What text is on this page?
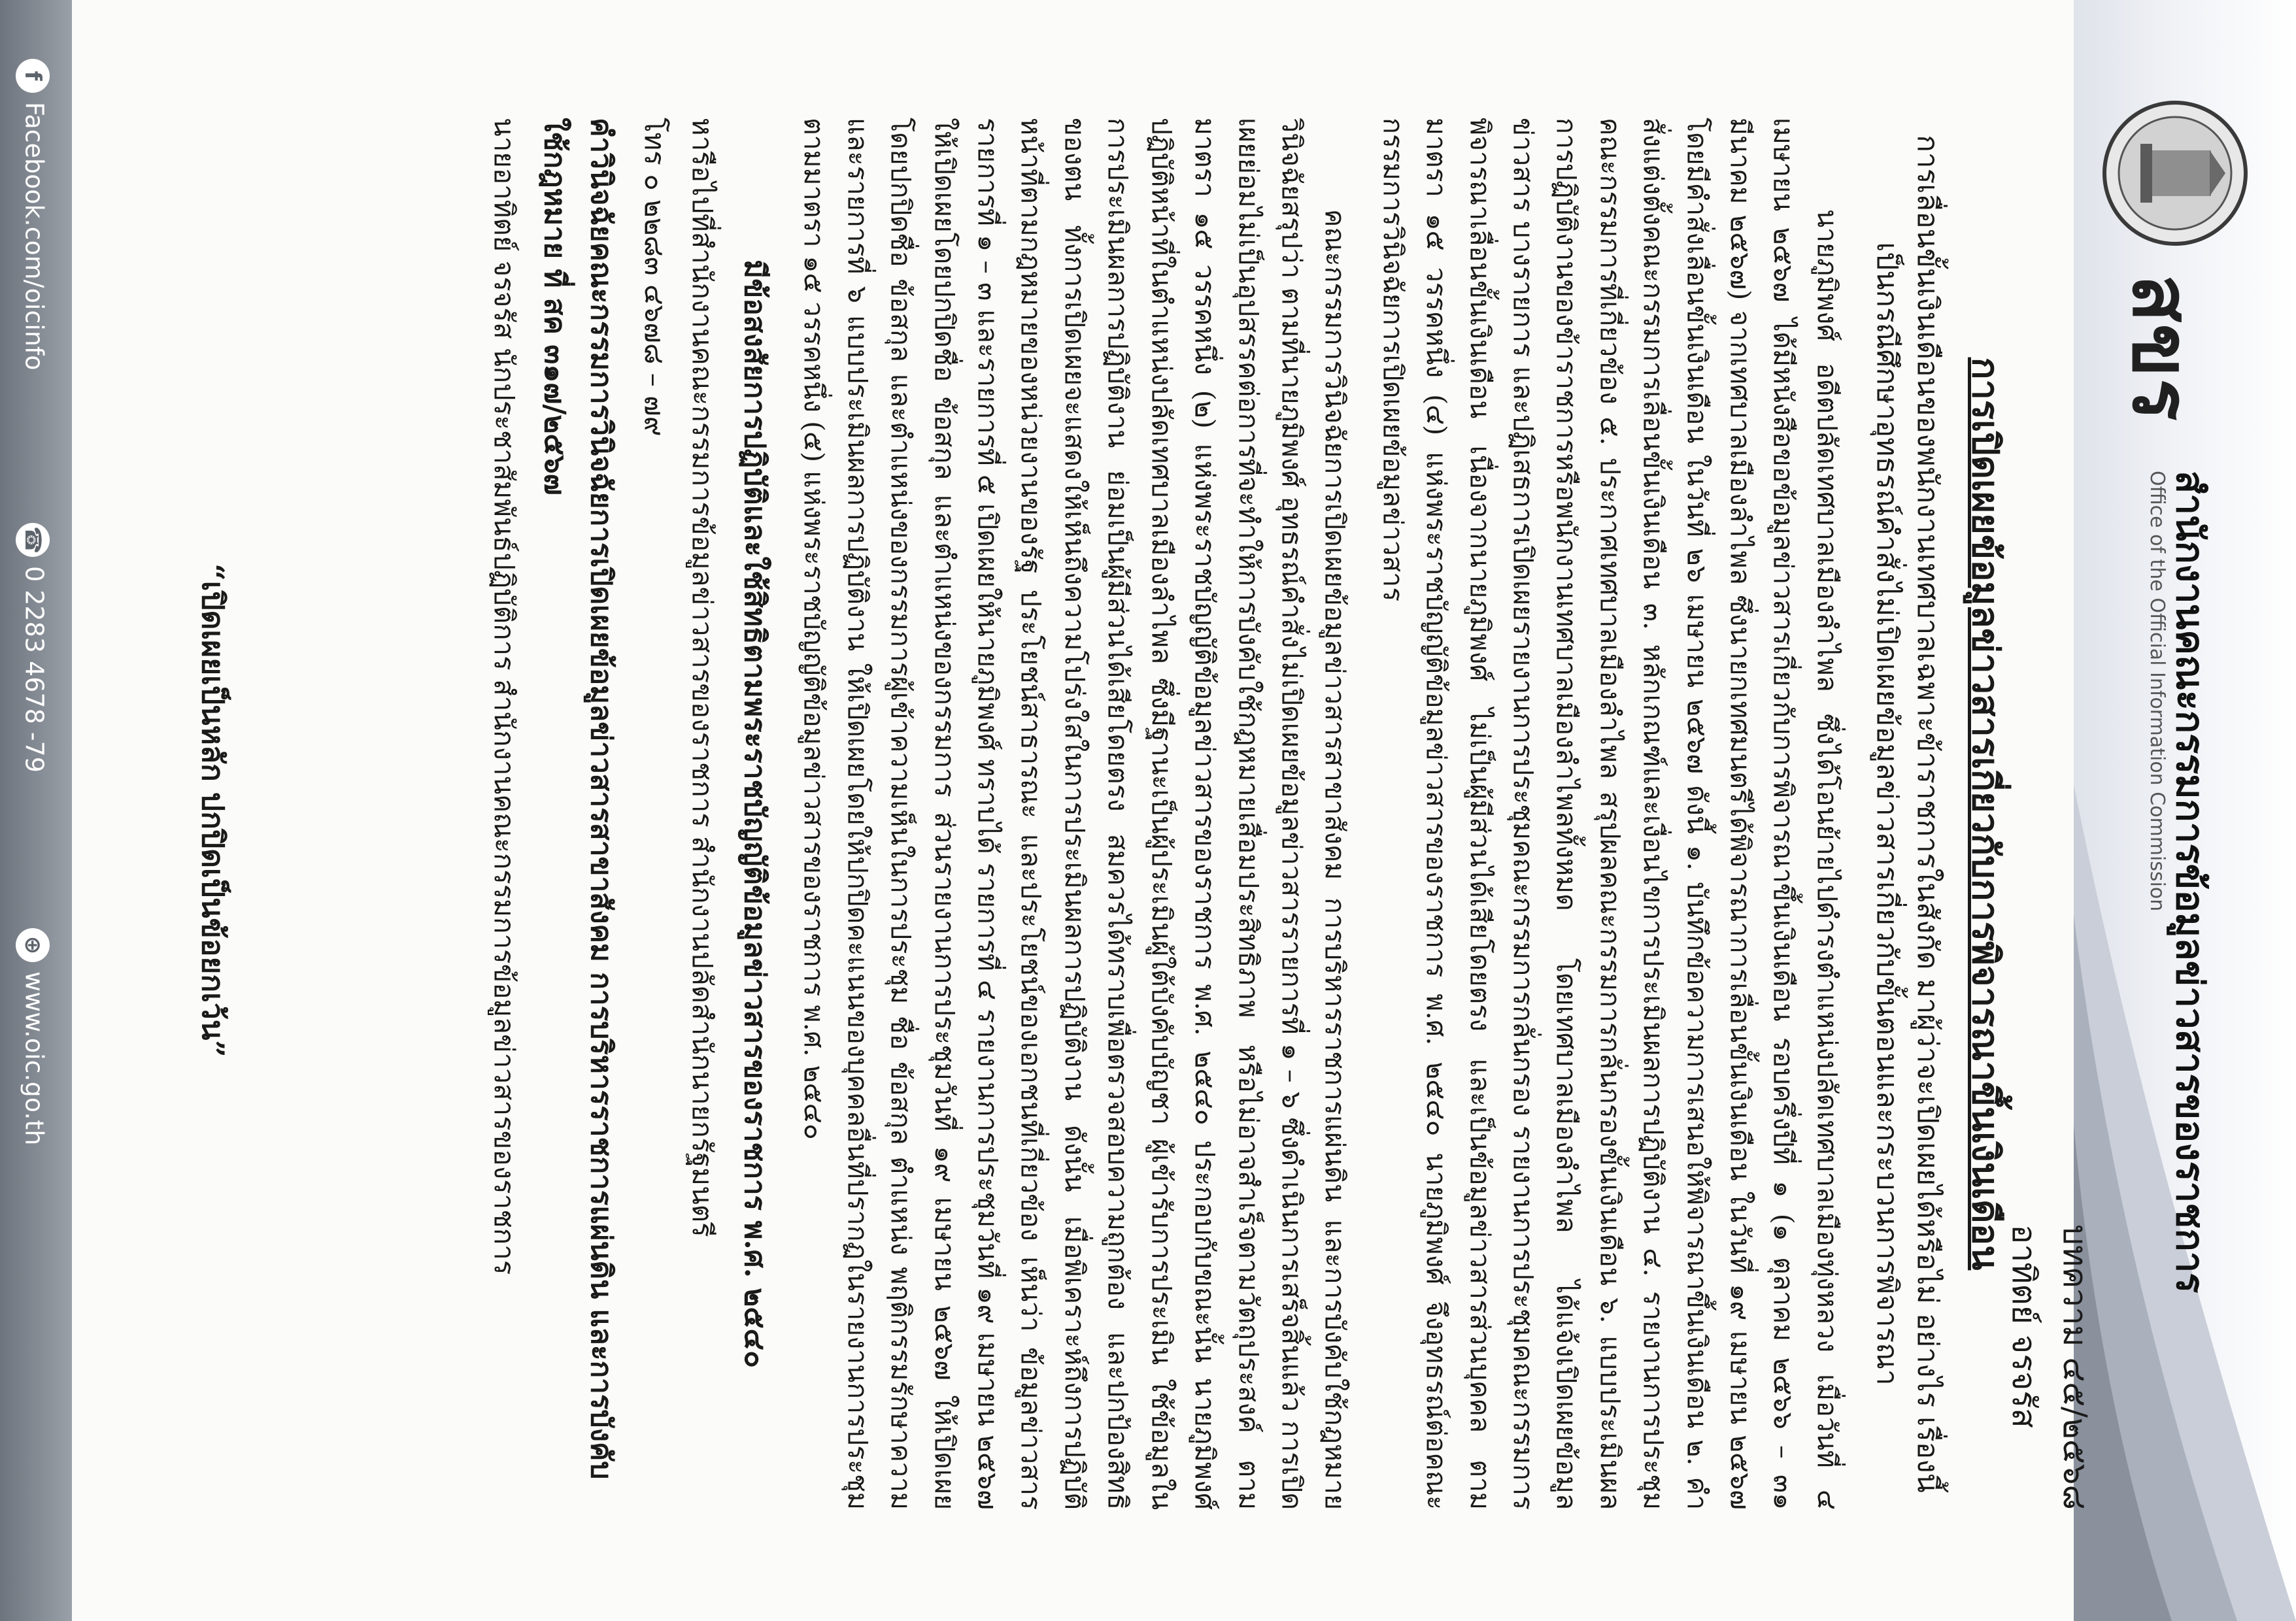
สขร
สำนักงานคณะกรรมการข้อมูลข่าวสารของราชการ
Office of the Official Information Commission
บทความ ๔๕/๒๕๖๘
อาทิตย์ จรจรัส
การเปิดเผยข้อมูลข่าวสารเกี่ยวกับการพิจารณาขึ้นเงินเดือน
การเลื่อนขั้นเงินเดือนของพนักงานเทศบาลเฉพาะข้าราชการในสังกัด มาผู้ว่าจะเปิดเผยได้หรือไม่ อย่างไร เรื่องนี้เป็นกรณีศึกษาอุทธรณ์คำสั่งไม่เปิดเผยข้อมูลข่าวสารเกี่ยวกับขั้นตอนและกระบวนการพิจารณา

นายภูมิพงศ์ อดีตปลัดเทศบาลเมืองลำไพล ซึ่งได้โอนย้ายไปดำรงตำแหน่งปลัดเทศบาลเมืองทุ่งหลวง เมื่อวันที่ ๔ เมษายน ๒๕๖๗ ได้มีหนังสือขอข้อมูลข่าวสารเกี่ยวกับการพิจารณาขึ้นเงินเดือน รอบครึ่งปีที่ ๑ (๑ ตุลาคม ๒๕๖๖ – ๓๑ มีนาคม ๒๕๖๗) จากเทศบาลเมืองลำไพล ซึ่งนายกเทศมนตรีได้พิจารณาการเลื่อนขั้นเงินเดือน ในวันที่ ๑๙ เมษายน ๒๕๖๗ โดยมีคำสั่งเลื่อนขั้นเงินเดือน ในวันที่ ๒๖ เมษายน ๒๕๖๗ ดังนี้ ๑. บันทึกข้อความการเสนอให้พิจารณาขึ้นเงินเดือน ๒. คำสั่งแต่งตั้งคณะกรรมการเลื่อนขั้นเงินเดือน ๓. หลักเกณฑ์และเงื่อนไขการประเมินผลการปฏิบัติงาน ๔. รายงานการประชุมคณะกรรมการที่เกี่ยวข้อง ๕. ประกาศเทศบาลเมืองลำไพล สรุปผลคณะกรรมการกลั่นกรองขั้นเงินเดือน ๖. แบบประเมินผลการปฏิบัติงานของข้าราชการหรือพนักงานเทศบาลเมืองลำไพลทั้งหมด โดยเทศบาลเมืองลำไพล ได้แจ้งเปิดเผยข้อมูลข่าวสาร บางรายการ และปฏิเสธการเปิดเผยรายงานการประชุมคณะกรรมการกลั่นกรอง รายงานการประชุมคณะกรรมการพิจารณาเลื่อนขั้นเงินเดือน เนื่องจากนายภูมิพงศ์ ไม่เป็นผู้มีส่วนได้เสียโดยตรง และเป็นข้อมูลข่าวสารส่วนบุคคล ตามมาตรา ๑๕ วรรคหนึ่ง (๔) แห่งพระราชบัญญัติข้อมูลข่าวสารของราชการ พ.ศ. ๒๕๔๐ นายภูมิพงศ์ จึงอุทธรณ์ต่อคณะกรรมการวินิจฉัยการเปิดเผยข้อมูลข่าวสาร

คณะกรรมการวินิจฉัยการเปิดเผยข้อมูลข่าวสารสาขาสังคม การบริหารราชการแผ่นดิน และการบังคับใช้กฎหมาย วินิจฉัยสรุปว่า ตามที่นายภูมิพงศ์ อุทธรณ์คำสั่งไม่เปิดเผยข้อมูลข่าวสารรายการที่ ๑ – ๖ ซึ่งดำเนินการเสร็จสิ้นแล้ว การเปิดเผยย่อมไม่เป็นอุปสรรคต่อการที่จะทำให้การบังคับใช้กฎหมายเสื่อมประสิทธิภาพ หรือไม่อาจสำเร็จตามวัตถุประสงค์ ตามมาตรา ๑๕ วรรคหนึ่ง (๒) แห่งพระราชบัญญัติข้อมูลข่าวสารของราชการ พ.ศ. ๒๕๔๐ ประกอบกับขณะนั้น นายภูมิพงศ์ ปฏิบัติหน้าที่ในตำแหน่งปลัดเทศบาลเมืองลำไพล ซึ่งมีฐานะเป็นผู้ประเมินผู้ใต้บังคับบัญชา ผู้เข้ารับการประเมิน ใช้ข้อมูลในการประเมินผลการปฏิบัติงาน ย่อมเป็นผู้มีส่วนได้เสียโดยตรง สมควรได้ทราบเพื่อตรวจสอบความถูกต้อง และปกป้องสิทธิของตน ทั้งการเปิดเผยจะแสดงให้เห็นถึงความโปร่งใสในการประเมินผลการปฏิบัติงาน ดังนั้น เมื่อพิเคราะห์ถึงการปฏิบัติหน้าที่ตามกฎหมายของหน่วยงานของรัฐ ประโยชน์สาธารณะ และประโยชน์ของเอกชนที่เกี่ยวข้อง เห็นว่า ข้อมูลข่าวสารรายการที่ ๑ – ๓ และรายการที่ ๕ เปิดเผยให้นายภูมิพงศ์ ทราบได้ รายการที่ ๔ รายงานการประชุมวันที่ ๑๙ เมษายน ๒๕๖๗ ให้เปิดเผยโดยปกปิดชื่อ ข้อสกุล และตำแหน่งของกรรมการ ส่วนรายงานการประชุมวันที่ ๑๙ เมษายน ๒๕๖๗ ให้เปิดเผยโดยปกปิดชื่อ ข้อสกุล และตำแหน่งของกรรมการผู้เข้าความเห็นในการประชุม ชื่อ ข้อสกุล ตำแหน่ง พฤติกรรมรักษาความ และรายการที่ ๖ แบบประเมินผลการปฏิบัติงาน ให้เปิดเผยโดยให้ปกปิดคะแนนของบุคคลอื่นที่ปรากฏในรายงานการประชุม ตามมาตรา ๑๕ วรรคหนึ่ง (๕) แห่งพระราชบัญญัติข้อมูลข่าวสารของราชการ พ.ศ. ๒๕๔๐

มีข้อสงสัยการปฏิบัติและใช้สิทธิตามพระราชบัญญัติข้อมูลข่าวสารของราชการ พ.ศ. ๒๕๔๐
หารือไปที่สำนักงานคณะกรรมการข้อมูลข่าวสารของราชการ สำนักงานปลัดสำนักนายกรัฐมนตรี
โทร ๐ ๒๒๘๓ ๔๖๗๘ – ๗๙
คำวินิจฉัยคณะกรรมการวินิจฉัยการเปิดเผยข้อมูลข่าวสารสาขาสังคม การบริหารราชการแผ่นดิน และการบังคับใช้กฎหมาย ที่ สค ๓๑๗/๒๕๖๗
นายอาทิตย์ จรจรัส นักประชาสัมพันธ์ปฏิบัติการ สำนักงานคณะกรรมการข้อมูลข่าวสารของราชการ
“เปิดเผยเป็นหลัก ปกปิดเป็นข้อยกเว้น”
fFacebook.com/oicinfo
☎0 2283 4678 -79
⊕www.oic.go.th
